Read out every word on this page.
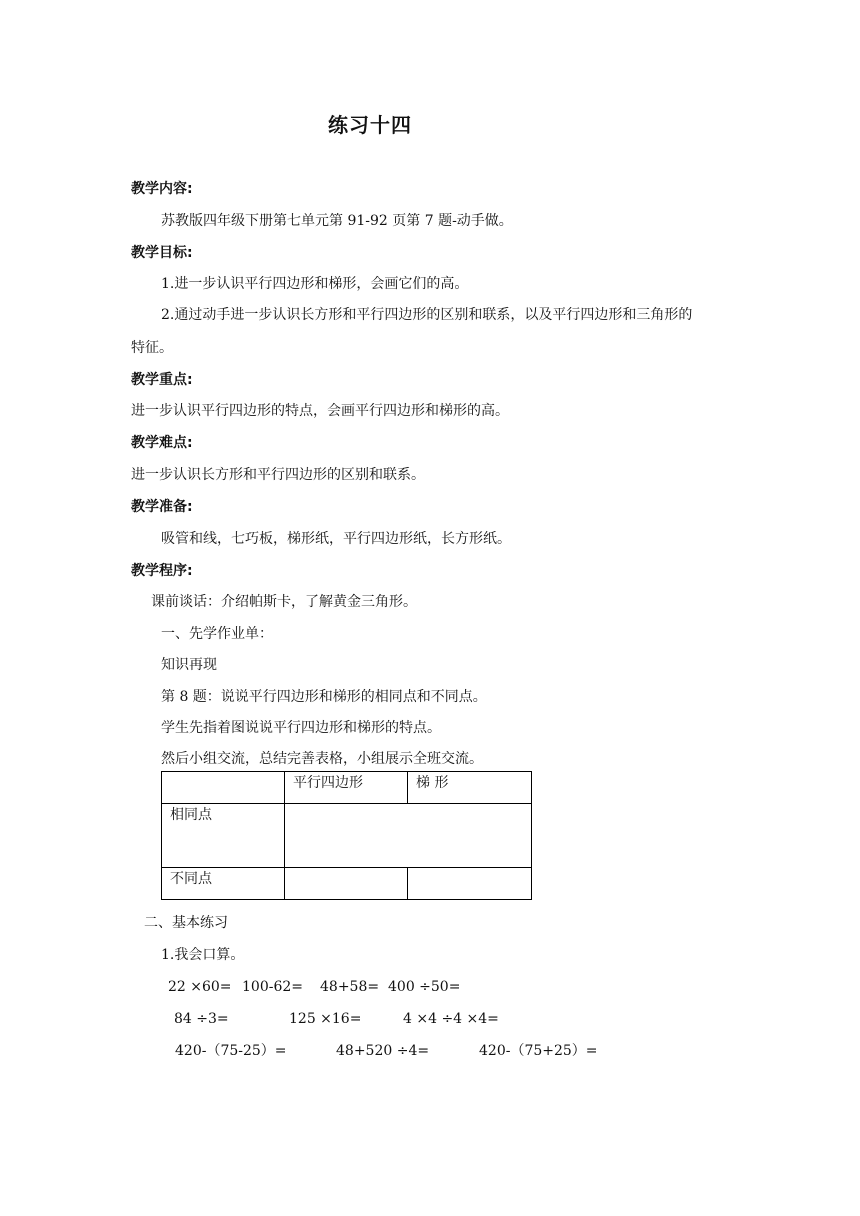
练习十四
教学内容:
苏教版四年级下册第七单元第 91-92 页第 7 题-动手做。
教学目标:
1.进一步认识平行四边形和梯形，会画它们的高。
2.通过动手进一步认识长方形和平行四边形的区别和联系，以及平行四边形和三角形的
特征。
教学重点:
进一步认识平行四边形的特点，会画平行四边形和梯形的高。
教学难点:
进一步认识长方形和平行四边形的区别和联系。
教学准备:
吸管和线，七巧板，梯形纸，平行四边形纸，长方形纸。
教学程序:
课前谈话：介绍帕斯卡，了解黄金三角形。
一、先学作业单：
知识再现
第 8 题：说说平行四边形和梯形的相同点和不同点。
学生先指着图说说平行四边形和梯形的特点。
然后小组交流，总结完善表格，小组展示全班交流。
	平行四边形	梯 形
相同点		
不同点		
二、基本练习
1.我会口算。
22 ×60= 100-62= 48+58= 400 ÷50=
84 ÷3=	125 ×16=	4 ×4 ÷4 ×4=
420-（75-25）=	48+520 ÷4=	420-（75+25）=
